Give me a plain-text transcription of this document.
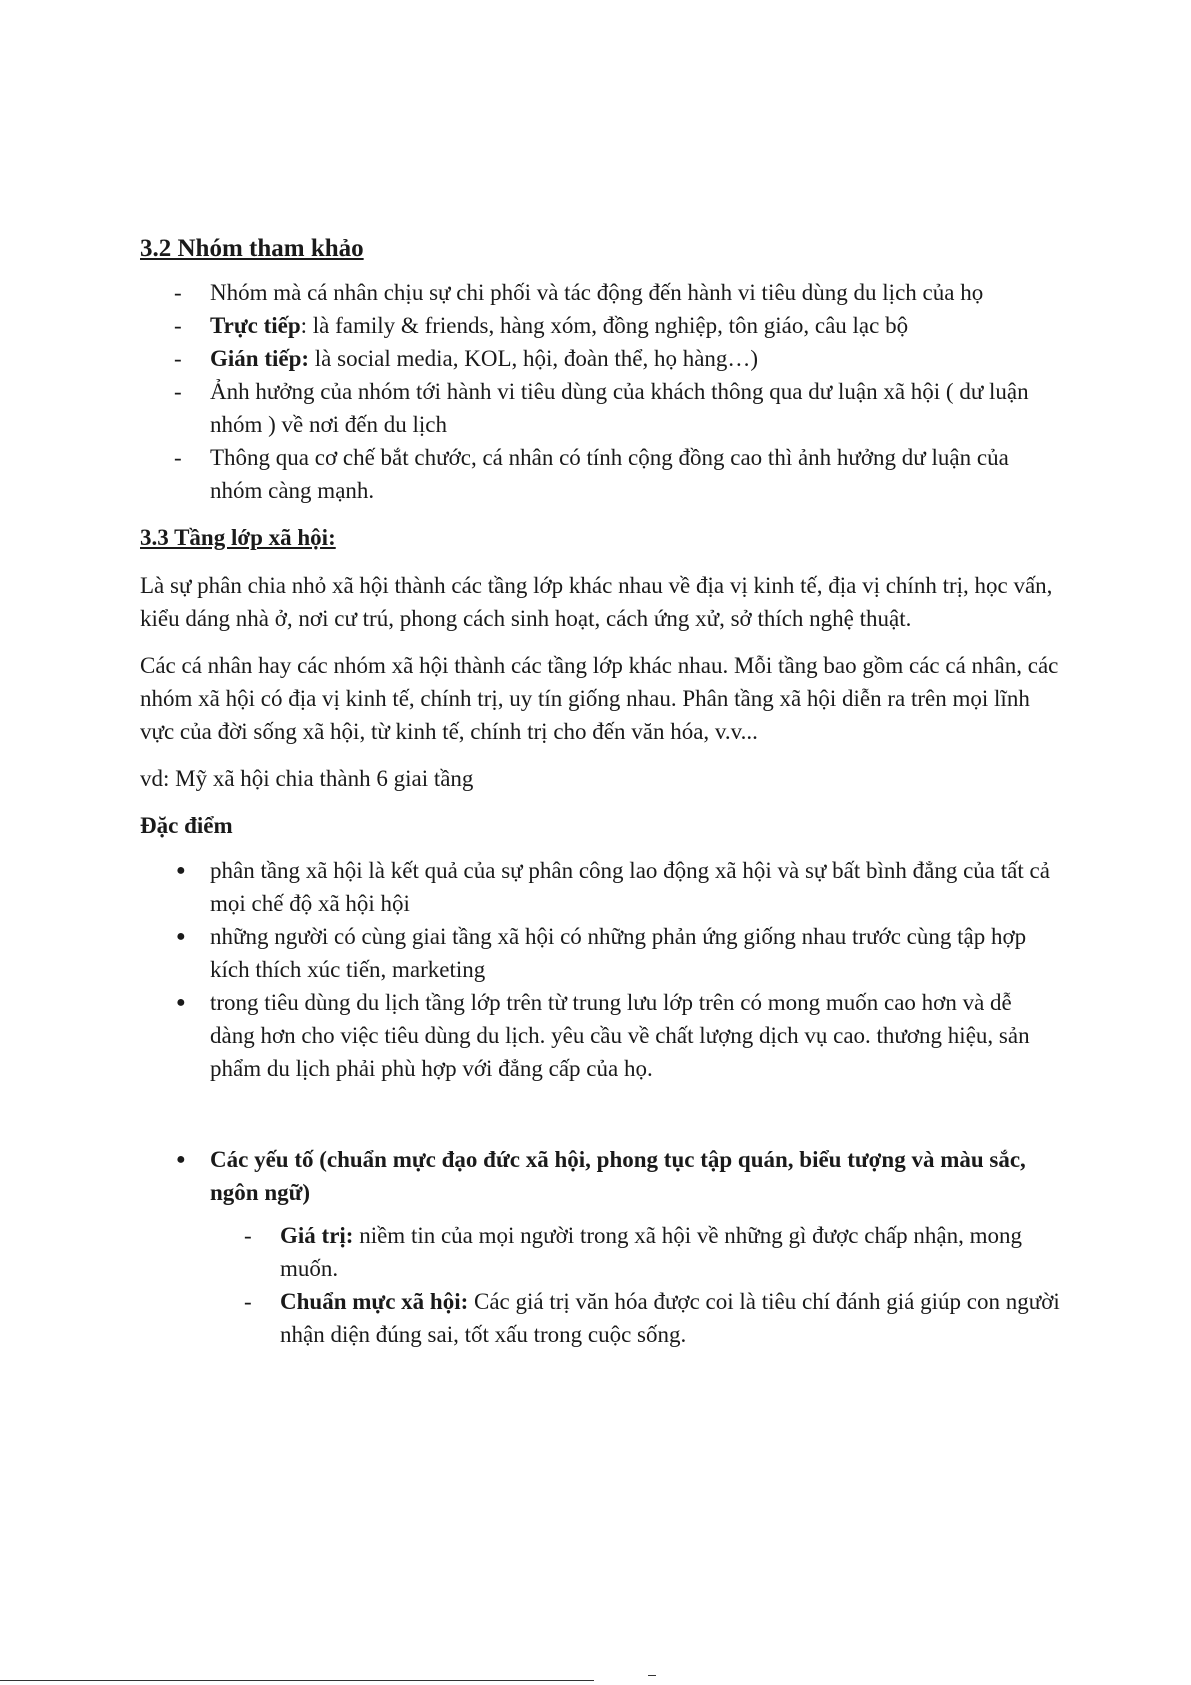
3.2 Nhóm tham khảo
- Nhóm mà cá nhân chịu sự chi phối và tác động đến hành vi tiêu dùng du lịch của họ
- Trực tiếp: là family & friends, hàng xóm, đồng nghiệp, tôn giáo, câu lạc bộ
- Gián tiếp: là social media, KOL, hội, đoàn thể, họ hàng…)
- Ảnh hưởng của nhóm tới hành vi tiêu dùng của khách thông qua dư luận xã hội ( dư luận nhóm ) về nơi đến du lịch
- Thông qua cơ chế bắt chước, cá nhân có tính cộng đồng cao thì ảnh hưởng dư luận của nhóm càng mạnh.
3.3 Tầng lớp xã hội:

Là sự phân chia nhỏ xã hội thành các tầng lớp khác nhau về địa vị kinh tế, địa vị chính trị, học vấn, kiểu dáng nhà ở, nơi cư trú, phong cách sinh hoạt, cách ứng xử, sở thích nghệ thuật.

Các cá nhân hay các nhóm xã hội thành các tầng lớp khác nhau. Mỗi tầng bao gồm các cá nhân, các nhóm xã hội có địa vị kinh tế, chính trị, uy tín giống nhau. Phân tầng xã hội diễn ra trên mọi lĩnh vực của đời sống xã hội, từ kinh tế, chính trị cho đến văn hóa, v.v...

vd: Mỹ xã hội chia thành 6 giai tầng

Đặc điểm

● phân tầng xã hội là kết quả của sự phân công lao động xã hội và sự bất bình đẳng của tất cả mọi chế độ xã hội hội
● những người có cùng giai tầng xã hội có những phản ứng giống nhau trước cùng tập hợp kích thích xúc tiến, marketing
● trong tiêu dùng du lịch tầng lớp trên từ trung lưu lớp trên có mong muốn cao hơn và dễ dàng hơn cho việc tiêu dùng du lịch. yêu cầu về chất lượng dịch vụ cao. thương hiệu, sản phẩm du lịch phải phù hợp với đẳng cấp của họ.
● Các yếu tố (chuẩn mực đạo đức xã hội, phong tục tập quán, biểu tượng và màu sắc, ngôn ngữ)
- Giá trị: niềm tin của mọi người trong xã hội về những gì được chấp nhận, mong muốn.
- Chuẩn mực xã hội: Các giá trị văn hóa được coi là tiêu chí đánh giá giúp con người nhận diện đúng sai, tốt xấu trong cuộc sống.
